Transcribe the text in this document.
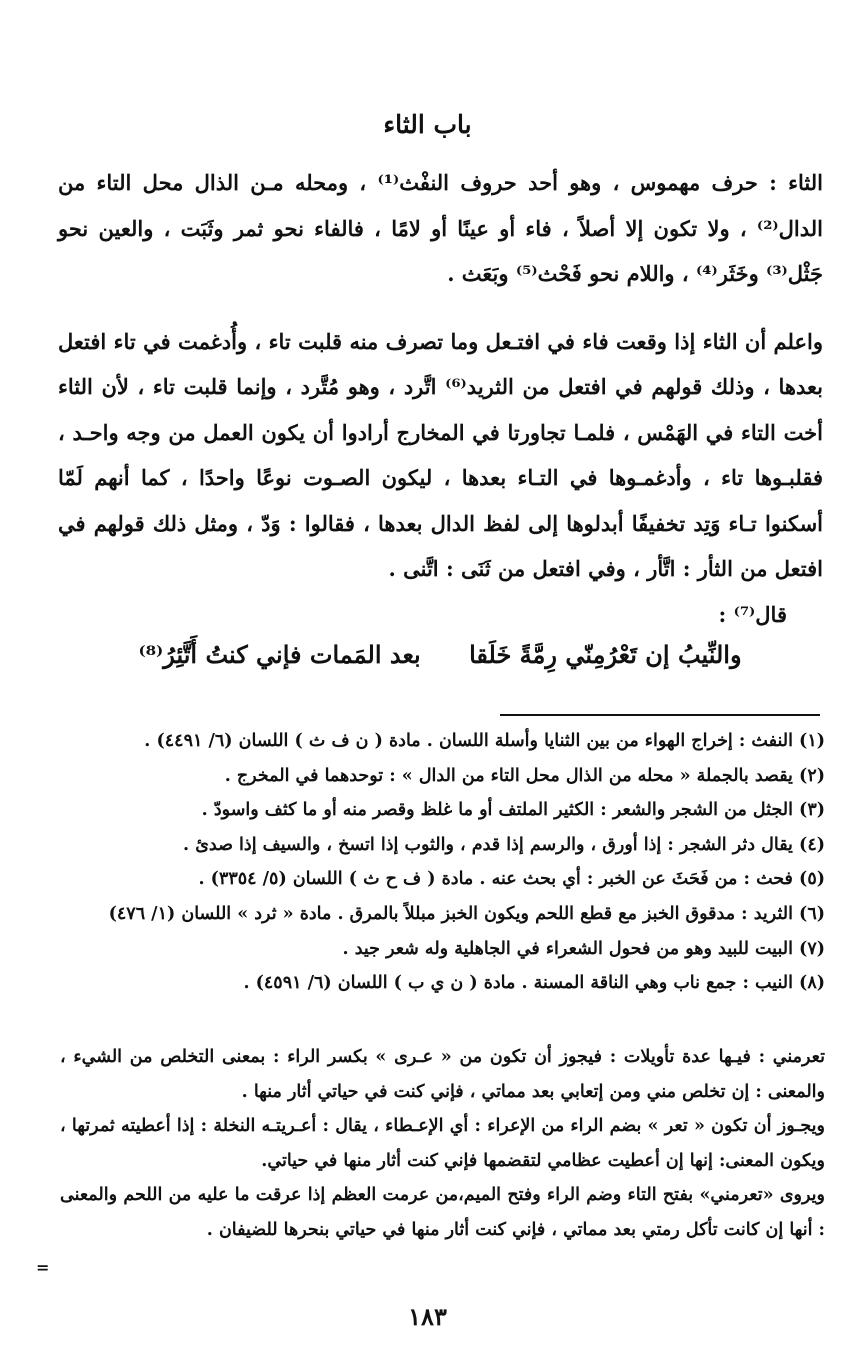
باب الثاء

الثاء : حرف مهموس ، وهو أحد حروف النفْث⁽¹⁾ ، ومحله مـن الذال محل التاء من الدال⁽²⁾ ، ولا تكون إلا أصلاً ، فاء أو عينًا أو لامًا ، فالفاء نحو ثمر وثَبَت ، والعين نحو جَثْل⁽³⁾ وخَثَر⁽⁴⁾ ، واللام نحو فَحْث⁽⁵⁾ وبَعَث .

واعلم أن الثاء إذا وقعت فاء في افتـعل وما تصرف منه قلبت تاء ، وأُدغمت في تاء افتعل بعدها ، وذلك قولهم في افتعل من الثريد⁽⁶⁾ اتَّرد ، وهو مُتَّرد ، وإنما قلبت تاء ، لأن الثاء أخت التاء في الهَمْس ، فلمـا تجاورتا في المخارج أرادوا أن يكون العمل من وجه واحـد ، فقلبـوها تاء ، وأدغمـوها في التـاء بعدها ، ليكون الصـوت نوعًا واحدًا ، كما أنهم لَمّا أسكنوا تـاء وَتِد تخفيفًا أبدلوها إلى لفظ الدال بعدها ، فقالوا : وَدّ ، ومثل ذلك قولهم في افتعل من الثأر : اتَّأر ، وفي افتعل من ثَنَى : اتَّنى .

قال⁽⁷⁾ :

والنِّيبُ إن تَعْرُمِنّي رِمَّةً خَلَقا بعد المَمات فإني كنتُ أَتَّئِرُ⁽⁸⁾
(١) النفث : إخراج الهواء من بين الثنايا وأسلة اللسان . مادة ( ن ف ث ) اللسان (٦/ ٤٤٩١) .
(٢) يقصد بالجملة « محله من الذال محل التاء من الدال » : توحدهما في المخرج .
(٣) الجثل من الشجر والشعر : الكثير الملتف أو ما غلظ وقصر منه أو ما كثف واسودّ .
(٤) يقال دثر الشجر : إذا أورق ، والرسم إذا قدم ، والثوب إذا اتسخ ، والسيف إذا صدئ .
(٥) فحث : من فَحَثَ عن الخبر : أي بحث عنه . مادة ( ف ح ث ) اللسان (٥/ ٣٣٥٤) .
(٦) الثريد : مدقوق الخبز مع قطع اللحم ويكون الخبز مبللاً بالمرق . مادة « ثرد » اللسان (١/ ٤٧٦)
(٧) البيت للبيد وهو من فحول الشعراء في الجاهلية وله شعر جيد .
(٨) النيب : جمع ناب وهي الناقة المسنة . مادة ( ن ي ب ) اللسان (٦/ ٤٥٩١) .

تعرمني : فيـها عدة تأويلات : فيجوز أن تكون من « عـرى » بكسر الراء : بمعنى التخلص من الشيء ، والمعنى : إن تخلص مني ومن إتعابي بعد مماتي ، فإني كنت في حياتي أثار منها .

ويجـوز أن تكون « تعر » بضم الراء من الإعراء : أي الإعـطاء ، يقال : أعـريتـه النخلة : إذا أعطيته ثمرتها ، ويكون المعنى: إنها إن أعطيت عظامي لتقضمها فإني كنت أثار منها في حياتي.

ويروى «تعرمني» بفتح التاء وضم الراء وفتح الميم،من عرمت العظم إذا عرقت ما عليه من اللحم والمعنى : أنها إن كانت تأكل رمتي بعد مماتي ، فإني كنت أثار منها في حياتي بنحرها للضيفان .

=
١٨٣
